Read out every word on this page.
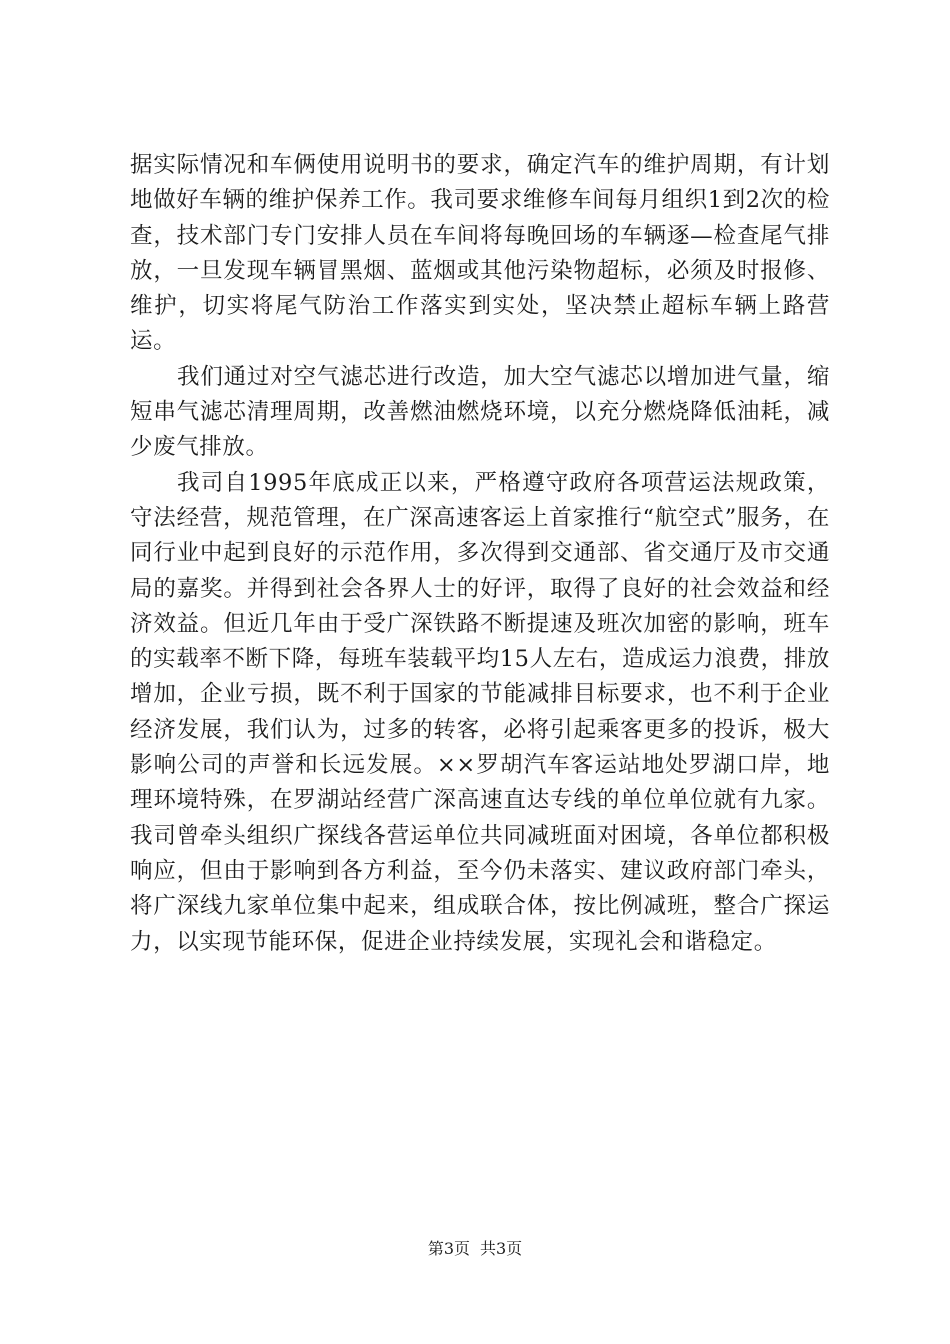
据实际情况和车俩使用说明书的要求，确定汽车的维护周期，有计划地做好车辆的维护保养工作。我司要求维修车间每月组织1到2次的检查，技术部门专门安排人员在车间将每晚回场的车辆逐—检查尾气排放，一旦发现车辆冒黑烟、蓝烟或其他污染物超标，必须及时报修、维护，切实将尾气防治工作落实到实处，坚决禁止超标车辆上路营运。

我们通过对空气滤芯进行改造，加大空气滤芯以增加进气量，缩短串气滤芯清理周期，改善燃油燃烧环境，以充分燃烧降低油耗，减少废气排放。

我司自1995年底成正以来，严格遵守政府各项营运法规政策，守法经营，规范管理，在广深高速客运上首家推行“航空式”服务，在同行业中起到良好的示范作用，多次得到交通部、省交通厅及市交通局的嘉奖。并得到社会各界人士的好评，取得了良好的社会效益和经济效益。但近几年由于受广深铁路不断提速及班次加密的影响，班车的实载率不断下降，每班车装载平均15人左右，造成运力浪费，排放增加，企业亏损，既不利于国家的节能减排目标要求，也不利于企业经济发展，我们认为，过多的转客，必将引起乘客更多的投诉，极大影响公司的声誉和长远发展。××罗胡汽车客运站地处罗湖口岸，地理环境特殊，在罗湖站经营广深高速直达专线的单位单位就有九家。我司曾牵头组织广探线各营运单位共同减班面对困境，各单位都积极响应，但由于影响到各方利益，至今仍未落实、建议政府部门牵头，将广深线九家单位集中起来，组成联合体，按比例减班，整合广探运力，以实现节能环保，促进企业持续发展，实现礼会和谐稳定。

第3页 共3页
